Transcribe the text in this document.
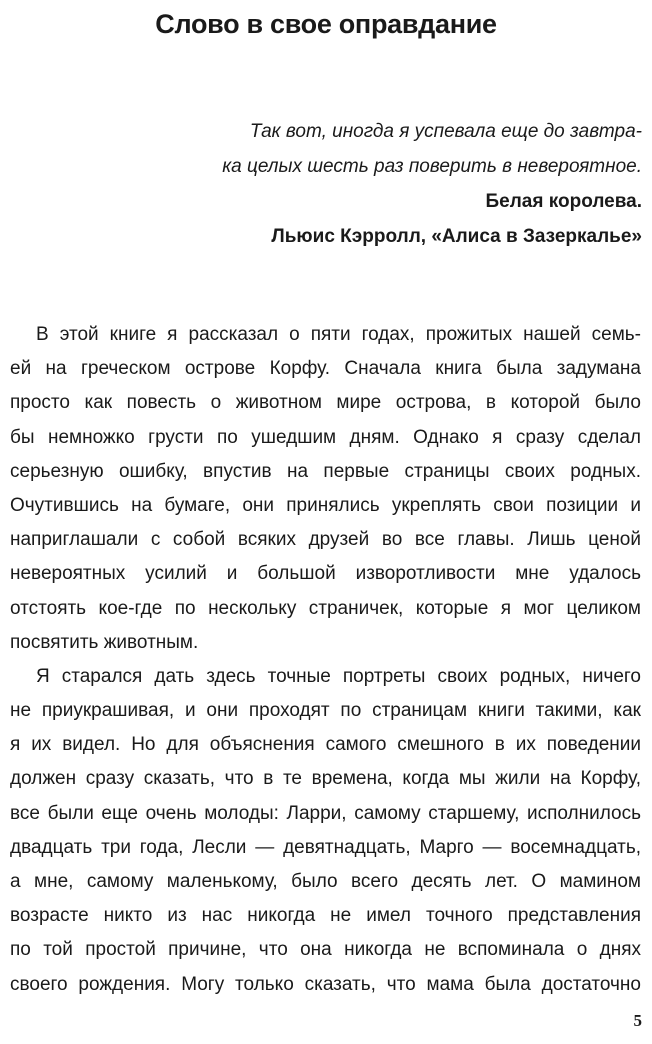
Слово в свое оправдание
Так вот, иногда я успевала еще до завтра-
ка целых шесть раз поверить в невероятное.
Белая королева.
Льюис Кэрролл, «Алиса в Зазеркалье»
В этой книге я рассказал о пяти годах, прожитых нашей семь-
ей на греческом острове Корфу. Сначала книга была задумана
просто как повесть о животном мире острова, в которой было
бы немножко грусти по ушедшим дням. Однако я сразу сделал
серьезную ошибку, впустив на первые страницы своих родных.
Очутившись на бумаге, они принялись укреплять свои позиции и
наприглашали с собой всяких друзей во все главы. Лишь ценой
невероятных усилий и большой изворотливости мне удалось
отстоять кое-где по нескольку страничек, которые я мог целиком
посвятить животным.
Я старался дать здесь точные портреты своих родных, ничего
не приукрашивая, и они проходят по страницам книги такими, как
я их видел. Но для объяснения самого смешного в их поведении
должен сразу сказать, что в те времена, когда мы жили на Корфу,
все были еще очень молоды: Ларри, самому старшему, исполнилось
двадцать три года, Лесли — девятнадцать, Марго — восемнадцать,
а мне, самому маленькому, было всего десять лет. О мамином
возрасте никто из нас никогда не имел точного представления
по той простой причине, что она никогда не вспоминала о днях
своего рождения. Могу только сказать, что мама была достаточно
5
